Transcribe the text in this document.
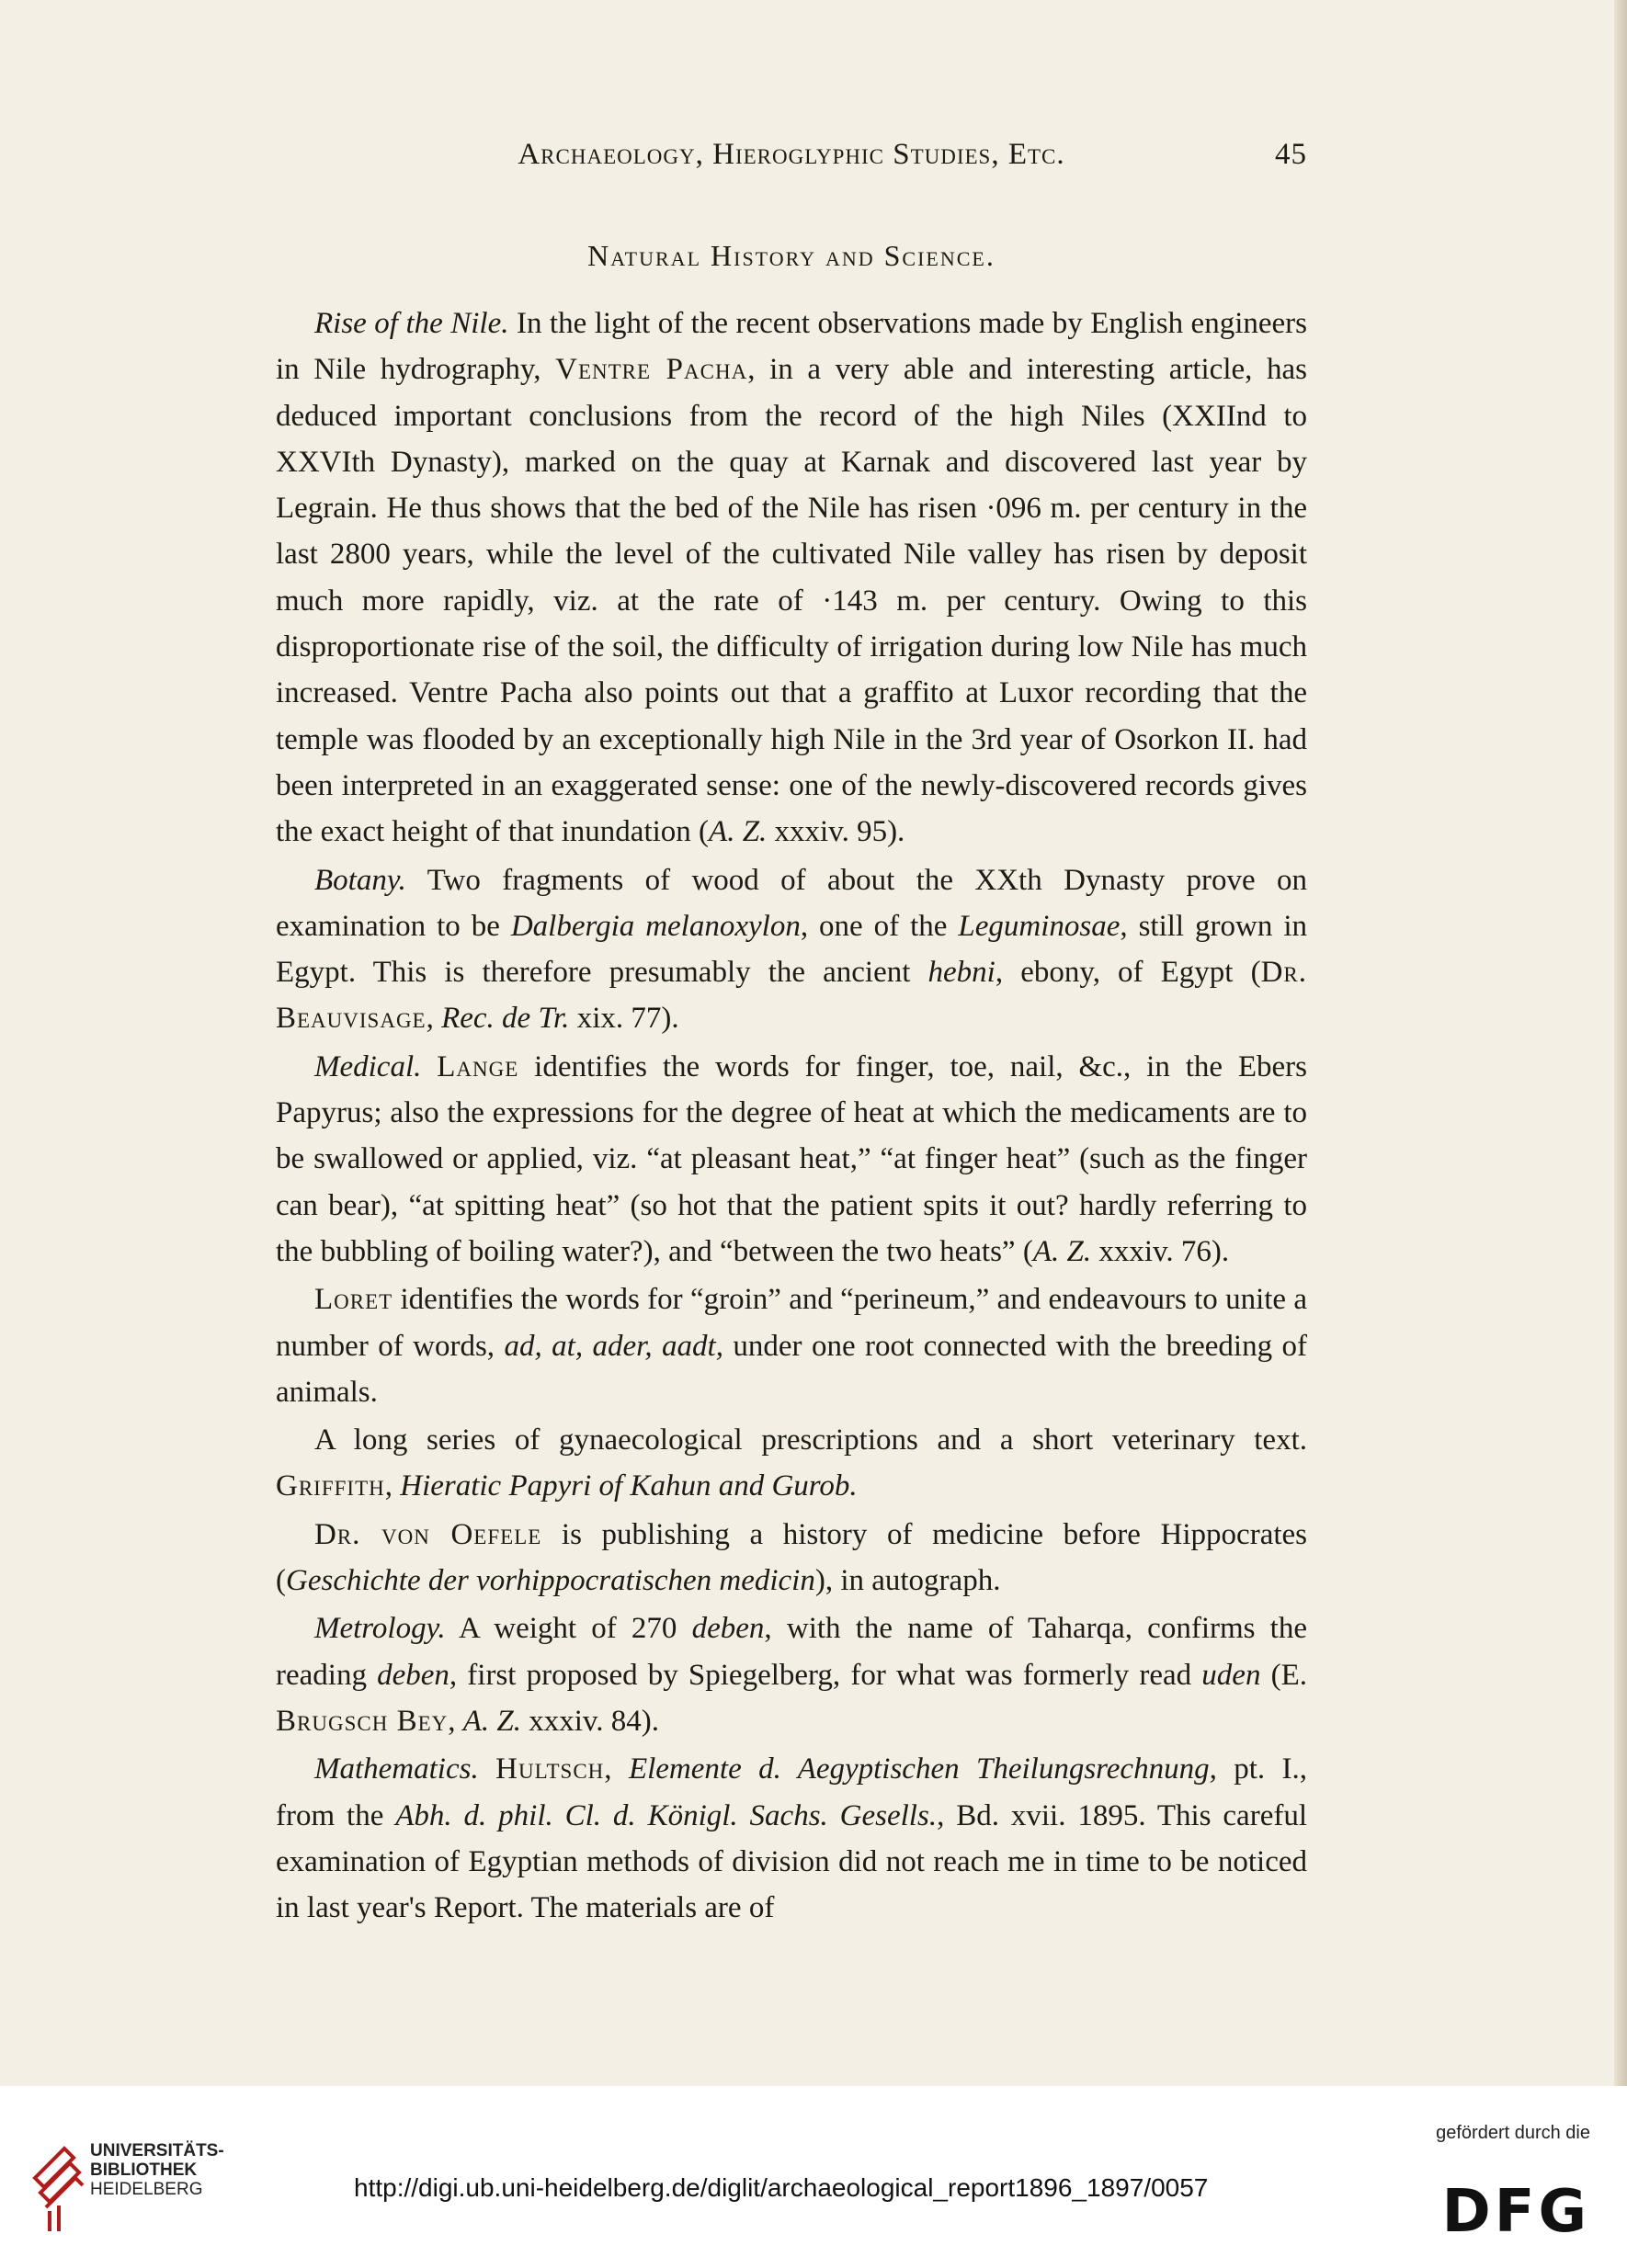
Archaeology, Hieroglyphic Studies, Etc.	45
Natural History and Science.

Rise of the Nile. In the light of the recent observations made by English engineers in Nile hydrography, Ventre Pacha, in a very able and interesting article, has deduced important conclusions from the record of the high Niles (XXIInd to XXVIth Dynasty), marked on the quay at Karnak and discovered last year by Legrain. He thus shows that the bed of the Nile has risen ·096 m. per century in the last 2800 years, while the level of the cultivated Nile valley has risen by deposit much more rapidly, viz. at the rate of ·143 m. per century. Owing to this disproportionate rise of the soil, the difficulty of irrigation during low Nile has much increased. Ventre Pacha also points out that a graffito at Luxor recording that the temple was flooded by an exceptionally high Nile in the 3rd year of Osorkon II. had been interpreted in an exaggerated sense: one of the newly-discovered records gives the exact height of that inundation (A. Z. xxxiv. 95).

Botany. Two fragments of wood of about the XXth Dynasty prove on examination to be Dalbergia melanoxylon, one of the Leguminosae, still grown in Egypt. This is therefore presumably the ancient hebni, ebony, of Egypt (Dr. Beauvisage, Rec. de Tr. xix. 77).

Medical. Lange identifies the words for finger, toe, nail, &c., in the Ebers Papyrus; also the expressions for the degree of heat at which the medicaments are to be swallowed or applied, viz. “at pleasant heat,” “at finger heat” (such as the finger can bear), “at spitting heat” (so hot that the patient spits it out? hardly referring to the bubbling of boiling water?), and “between the two heats” (A. Z. xxxiv. 76).

Loret identifies the words for “groin” and “perineum,” and endeavours to unite a number of words, ad, at, ader, aadt, under one root connected with the breeding of animals.

A long series of gynaecological prescriptions and a short veterinary text. Griffith, Hieratic Papyri of Kahun and Gurob.

Dr. von Oefele is publishing a history of medicine before Hippocrates (Geschichte der vorhippocratischen medicin), in autograph.

Metrology. A weight of 270 deben, with the name of Taharqa, confirms the reading deben, first proposed by Spiegelberg, for what was formerly read uden (E. Brugsch Bey, A. Z. xxxiv. 84).

Mathematics. Hultsch, Elemente d. Aegyptischen Theilungsrechnung, pt. I., from the Abh. d. phil. Cl. d. Königl. Sachs. Gesells., Bd. xvii. 1895. This careful examination of Egyptian methods of division did not reach me in time to be noticed in last year's Report. The materials are of

UNIVERSITÄTS-
BIBLIOTHEK
HEIDELBERG	http://digi.ub.uni-heidelberg.de/diglit/archaeological_report1896_1897/0057
gefördert durch die
DFG
